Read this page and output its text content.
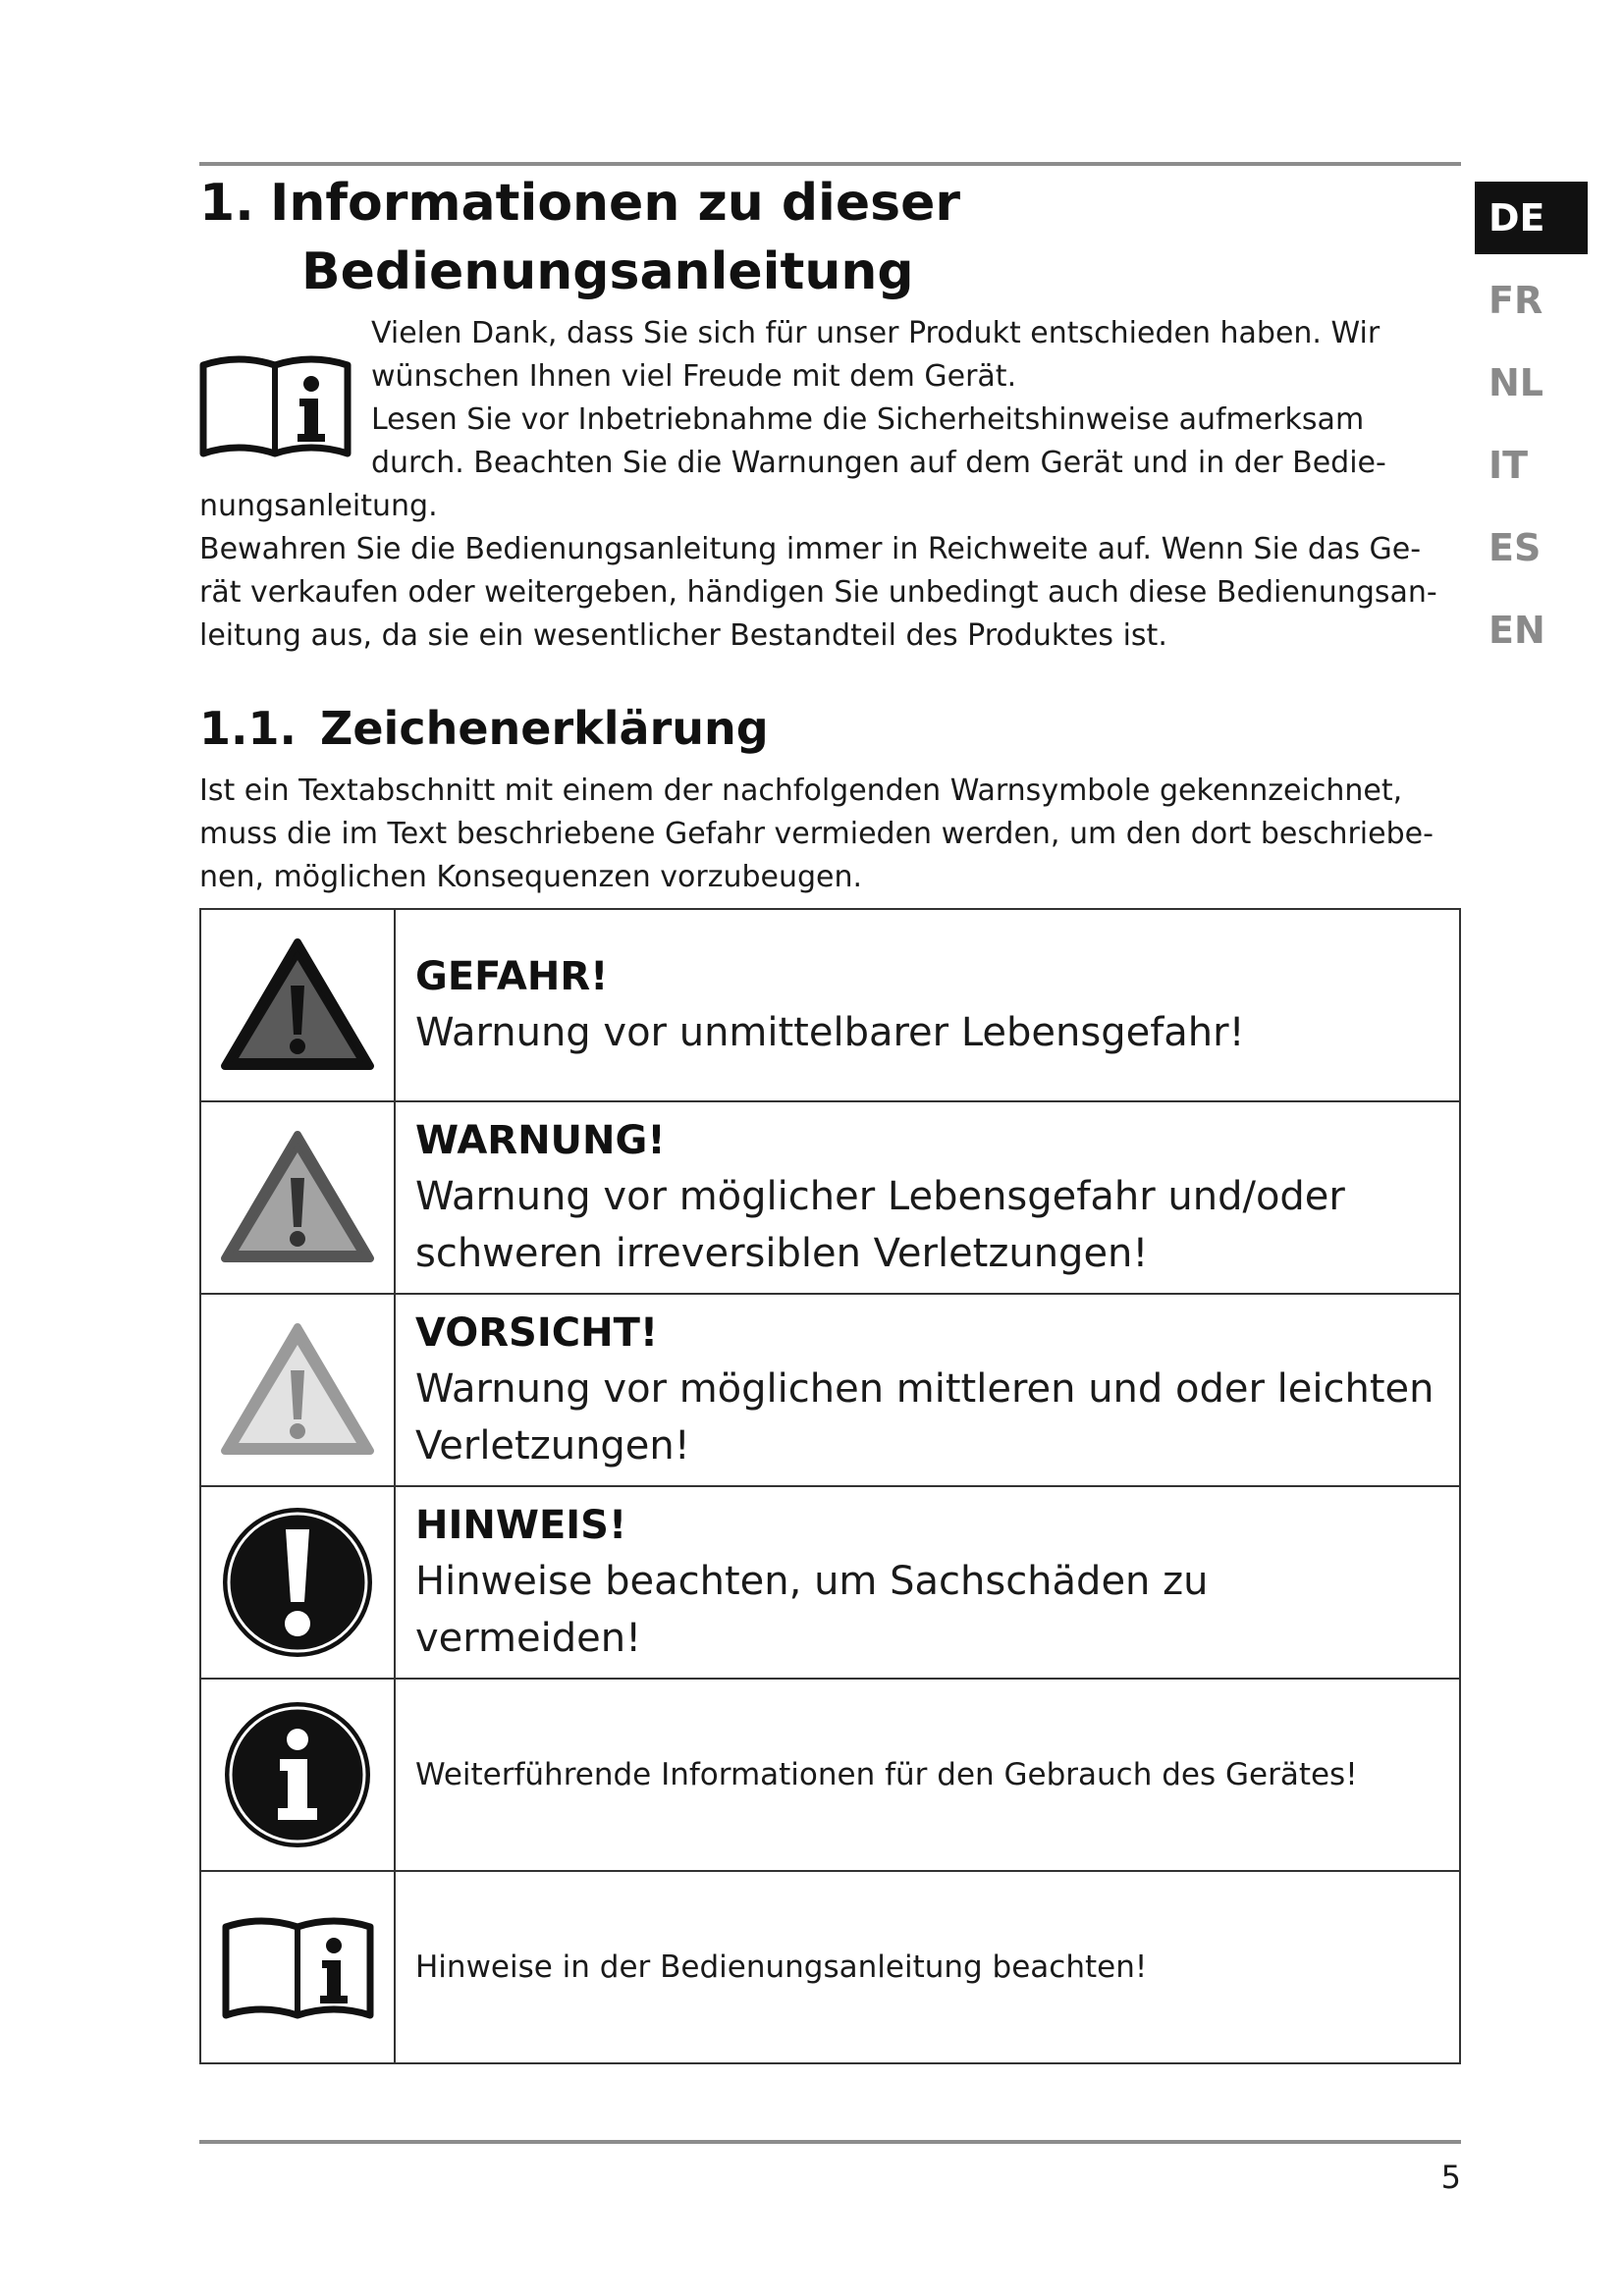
1. Informationen zu dieser
Bedienungsanleitung
DE
FR
NL
IT
ES
EN

Vielen Dank, dass Sie sich für unser Produkt entschieden haben. Wir

wünschen Ihnen viel Freude mit dem Gerät.

Lesen Sie vor Inbetriebnahme die Sicherheitshinweise aufmerksam

durch. Beachten Sie die Warnungen auf dem Gerät und in der Bedie-

nungsanleitung.

Bewahren Sie die Bedienungsanleitung immer in Reichweite auf. Wenn Sie das Ge-

rät verkaufen oder weitergeben, händigen Sie unbedingt auch diese Bedienungsan-

leitung aus, da sie ein wesentlicher Bestandteil des Produktes ist.

1.1. Zeichenerklärung

Ist ein Textabschnitt mit einem der nachfolgenden Warnsymbole gekennzeichnet,

muss die im Text beschriebene Gefahr vermieden werden, um den dort beschriebe-

nen, möglichen Konsequenzen vorzubeugen.

GEFAHR!
Warnung vor unmittelbarer Lebensgefahr!

WARNUNG!
Warnung vor möglicher Lebensgefahr und/oder
schweren irreversiblen Verletzungen!

VORSICHT!
Warnung vor möglichen mittleren und oder leichten
Verletzungen!

HINWEIS!
Hinweise beachten, um Sachschäden zu vermeiden!

Weiterführende Informationen für den Gebrauch des Gerätes!

Hinweise in der Bedienungsanleitung beachten!
5
